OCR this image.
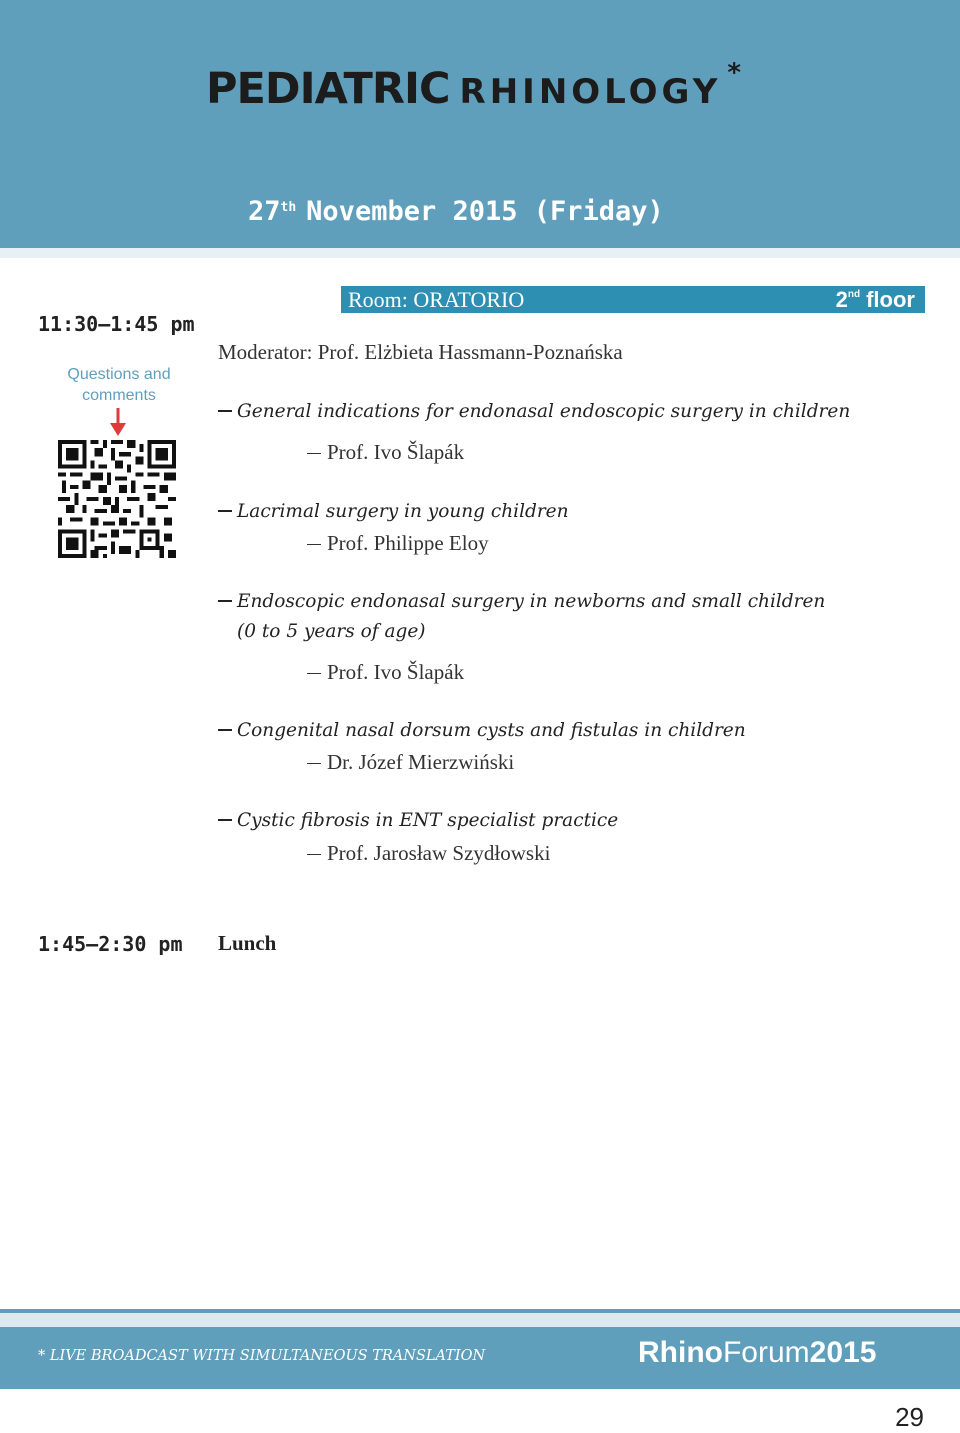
PEDIATRIC RHINOLOGY *
27th November 2015 (Friday)
11:30–1:45 pm
Questions and
comments
Room: ORATORIO	2nd floor
Moderator: Prof. Elżbieta Hassmann-Poznańska
General indications for endonasal endoscopic surgery in children
Prof. Ivo Šlapák
Lacrimal surgery in young children
Prof. Philippe Eloy
Endoscopic endonasal surgery in newborns and small children
(0 to 5 years of age)
Prof. Ivo Šlapák
Congenital nasal dorsum cysts and fistulas in children
Dr. Józef Mierzwiński
Cystic fibrosis in ENT specialist practice
Prof. Jarosław Szydłowski
1:45–2:30 pm Lunch
* LIVE BROADCAST WITH SIMULTANEOUS TRANSLATION	RhinoForum2015
29
